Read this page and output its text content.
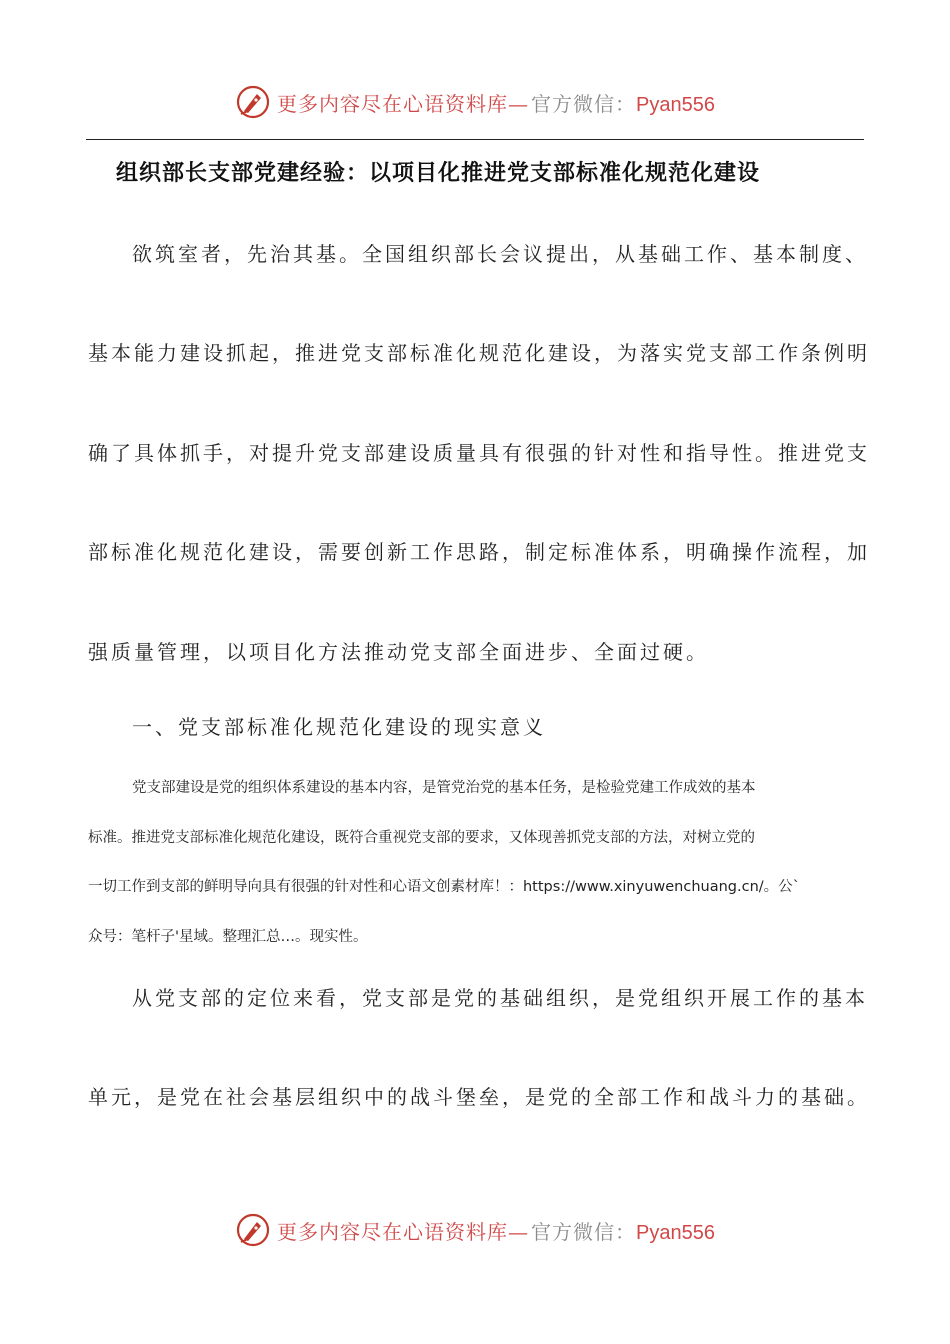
更多内容尽在心语资料库— 官方微信：Pyan556
组织部长支部党建经验：以项目化推进党支部标准化规范化建设
欲筑室者，先治其基。全国组织部长会议提出，从基础工作、基本制度、
基本能力建设抓起，推进党支部标准化规范化建设，为落实党支部工作条例明
确了具体抓手，对提升党支部建设质量具有很强的针对性和指导性。推进党支
部标准化规范化建设，需要创新工作思路，制定标准体系，明确操作流程，加
强质量管理，以项目化方法推动党支部全面进步、全面过硬。
一、党支部标准化规范化建设的现实意义
党支部建设是党的组织体系建设的基本内容，是管党治党的基本任务，是检验党建工作成效的基本
标准。推进党支部标准化规范化建设，既符合重视党支部的要求，又体现善抓党支部的方法，对树立党的
一切工作到支部的鲜明导向具有很强的针对性和心语文创素材库！：https://www.xinyuwenchuang.cn/。公`
众号：笔杆子'星域。整理汇总…。现实性。
从党支部的定位来看，党支部是党的基础组织，是党组织开展工作的基本
单元，是党在社会基层组织中的战斗堡垒，是党的全部工作和战斗力的基础。
更多内容尽在心语资料库— 官方微信：Pyan556
